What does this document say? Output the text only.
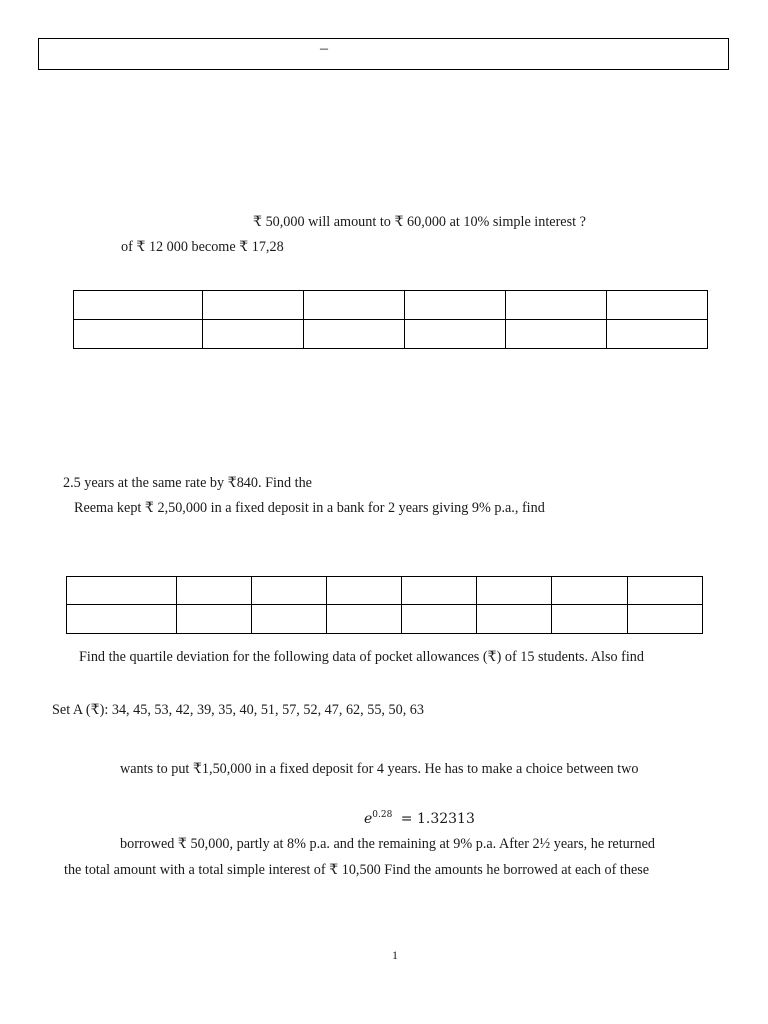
–
₹ 50,000 will amount to ₹ 60,000 at 10% simple interest ?
of ₹ 12 000 become ₹ 17,28

2.5 years at the same rate by ₹840. Find the
Reema kept ₹ 2,50,000 in a fixed deposit in a bank for 2 years giving 9% p.a., find

Find the quartile deviation for the following data of pocket allowances (₹) of 15 students. Also find
Set A (₹): 34, 45, 53, 42, 39, 35, 40, 51, 57, 52, 47, 62, 55, 50, 63
wants to put ₹1,50,000 in a fixed deposit for 4 years. He has to make a choice between two
$e^{0.28} = 1.32313$
borrowed ₹ 50,000, partly at 8% p.a. and the remaining at 9% p.a. After 2½ years, he returned
the total amount with a total simple interest of ₹ 10,500 Find the amounts he borrowed at each of these
1
